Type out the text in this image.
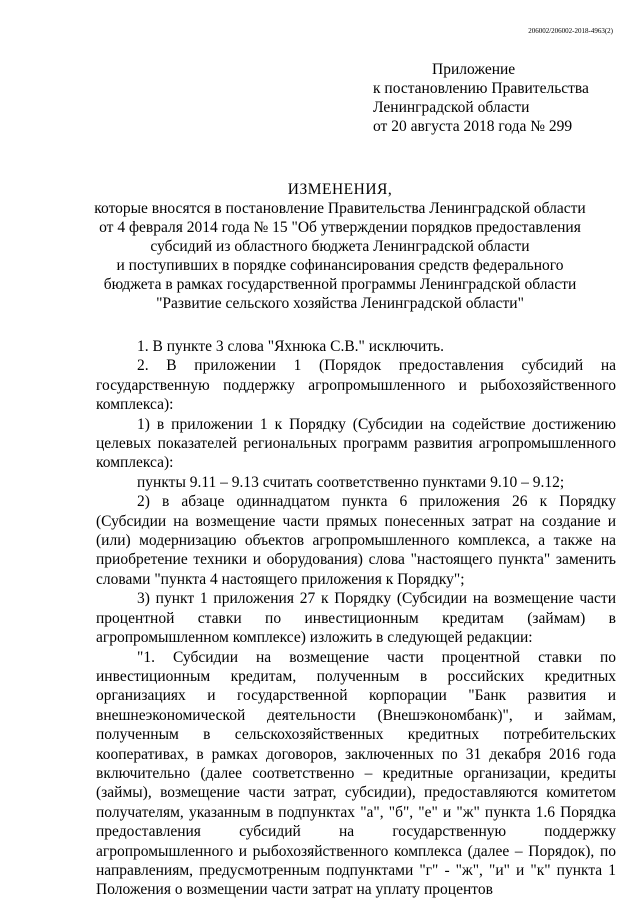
206002/206002-2018-4963(2)
Приложение
к постановлению Правительства
Ленинградской области
от 20 августа 2018 года № 299
ИЗМЕНЕНИЯ,
которые вносятся в постановление Правительства Ленинградской области
от 4 февраля 2014 года № 15 "Об утверждении порядков предоставления
субсидий из областного бюджета Ленинградской области
и поступивших в порядке софинансирования средств федерального
бюджета в рамках государственной программы Ленинградской области
"Развитие сельского хозяйства Ленинградской области"

1. В пункте 3 слова "Яхнюка С.В." исключить.

2. В приложении 1 (Порядок предоставления субсидий на государственную поддержку агропромышленного и рыбохозяйственного комплекса):

1) в приложении 1 к Порядку (Субсидии на содействие достижению целевых показателей региональных программ развития агропромышленного комплекса):

пункты 9.11 – 9.13 считать соответственно пунктами 9.10 – 9.12;

2) в абзаце одиннадцатом пункта 6 приложения 26 к Порядку (Субсидии на возмещение части прямых понесенных затрат на создание и (или) модернизацию объектов агропромышленного комплекса, а также на приобретение техники и оборудования) слова "настоящего пункта" заменить словами "пункта 4 настоящего приложения к Порядку";

3) пункт 1 приложения 27 к Порядку (Субсидии на возмещение части процентной ставки по инвестиционным кредитам (займам) в агропромышленном комплексе) изложить в следующей редакции:

"1. Субсидии на возмещение части процентной ставки по инвестиционным кредитам, полученным в российских кредитных организациях и государственной корпорации "Банк развития и внешнеэкономической деятельности (Внешэкономбанк)", и займам, полученным в сельскохозяйственных кредитных потребительских кооперативах, в рамках договоров, заключенных по 31 декабря 2016 года включительно (далее соответственно – кредитные организации, кредиты (займы), возмещение части затрат, субсидии), предоставляются комитетом получателям, указанным в подпунктах "а", "б", "е" и "ж" пункта 1.6 Порядка предоставления субсидий на государственную поддержку агропромышленного и рыбохозяйственного комплекса (далее – Порядок), по направлениям, предусмотренным подпунктами "г" - "ж", "и" и "к" пункта 1 Положения о возмещении части затрат на уплату процентов
